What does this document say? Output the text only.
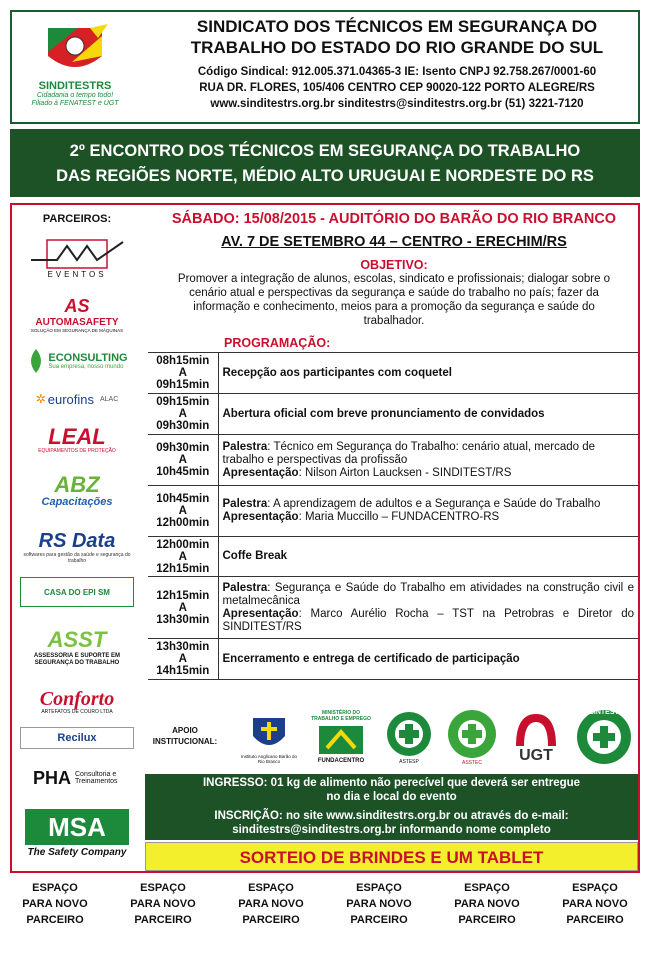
SINDITESTRS
Cidadania o tempo todo!
Filiado à FENATEST e UGT
SINDICATO DOS TÉCNICOS EM SEGURANÇA DO
TRABALHO DO ESTADO DO RIO GRANDE DO SUL
Código Sindical: 912.005.371.04365-3 IE: Isento CNPJ 92.758.267/0001-60
RUA DR. FLORES, 105/406 CENTRO CEP 90020-122 PORTO ALEGRE/RS
www.sinditestrs.org.br sinditestrs@sinditestrs.org.br (51) 3221-7120
2º ENCONTRO DOS TÉCNICOS EM SEGURANÇA DO TRABALHO
DAS REGIÕES NORTE, MÉDIO ALTO URUGUAI E NORDESTE DO RS
PARCEIROS:
EVENTOS
AS
AUTOMASAFETY
SOLUÇÃO EM SEGURANÇA DE MÁQUINAS
ECONSULTING
Sua empresa, nosso mundo
✲ eurofins ALAC
LEAL
EQUIPAMENTOS DE PROTEÇÃO
ABZ
Capacitações
RS Data
softwares para gestão da saúde e segurança do trabalho
CASA DO EPI SM
ASST
ASSESSORIA E SUPORTE EM SEGURANÇA DO TRABALHO
Conforto
ARTEFATOS DE COURO LTDA
Recilux
PHA Consultoria e Treinamentos
MSA
The Safety Company
SÁBADO: 15/08/2015 - AUDITÓRIO DO BARÃO DO RIO BRANCO
AV. 7 DE SETEMBRO 44 – CENTRO - ERECHIM/RS
OBJETIVO:
Promover a integração de alunos, escolas, sindicato e profissionais; dialogar sobre o cenário atual e perspectivas da segurança e saúde do trabalho no país; fazer da informação e conhecimento, meios para a promoção da segurança e saúde do trabalhador.
PROGRAMAÇÃO:
08h15min
A
09h15min	Recepção aos participantes com coquetel
09h15min
A
09h30min	Abertura oficial com breve pronunciamento de convidados
09h30min
A
10h45min	Palestra: Técnico em Segurança do Trabalho: cenário atual, mercado de trabalho e perspectivas da profissão
Apresentação: Nilson Airton Laucksen - SINDITEST/RS
10h45min
A
12h00min	Palestra: A aprendizagem de adultos e a Segurança e Saúde do Trabalho
Apresentação: Maria Muccillo – FUNDACENTRO-RS
12h00min
A
12h15min	Coffe Break
12h15min
A
13h30min	Palestra: Segurança e Saúde do Trabalho em atividades na construção civil e metalmecânica
Apresentação: Marco Aurélio Rocha – TST na Petrobras e Diretor do SINDITEST/RS
13h30min
A
14h15min	Encerramento e entrega de certificado de participação
APOIO INSTITUCIONAL:
Instituto Anglicano Barão do Rio Branco
MINISTÉRIO DO TRABALHO E EMPREGO
FUNDACENTRO	ASTESP	ASSTEC UGT
SINTEST
INGRESSO: 01 kg de alimento não perecível que deverá ser entregue
no dia e local do evento
INSCRIÇÃO: no site www.sinditestrs.org.br ou através do e-mail:
sinditestrs@sinditestrs.org.br informando nome completo
SORTEIO DE BRINDES E UM TABLET
ESPAÇO
PARA NOVO
PARCEIRO
ESPAÇO
PARA NOVO
PARCEIRO
ESPAÇO
PARA NOVO
PARCEIRO
ESPAÇO
PARA NOVO
PARCEIRO
ESPAÇO
PARA NOVO
PARCEIRO
ESPAÇO
PARA NOVO
PARCEIRO
